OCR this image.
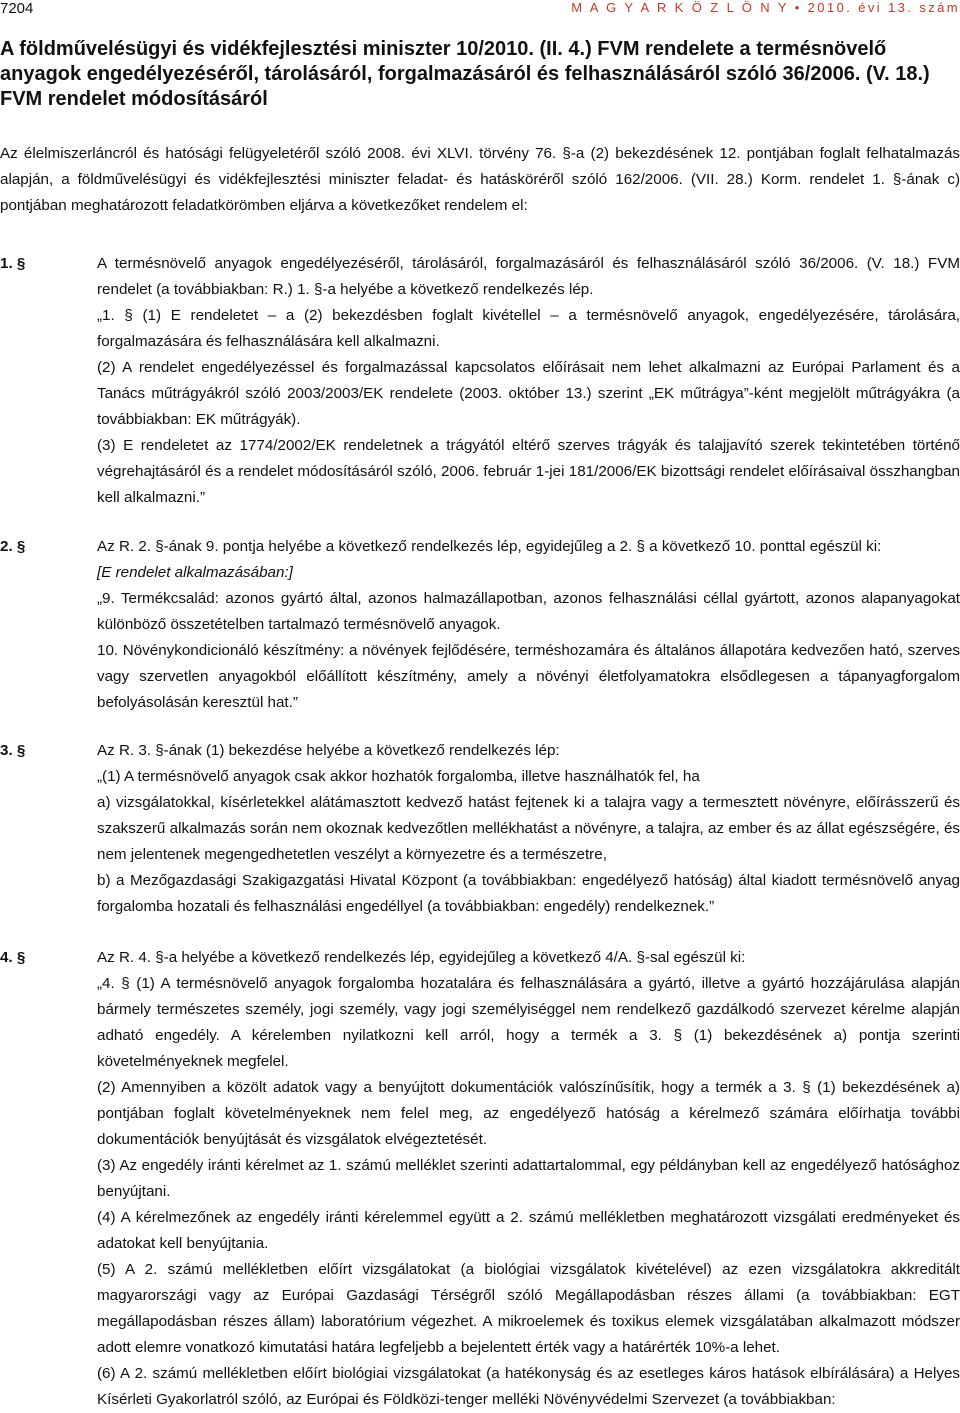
7204	M A G Y A R K Ö Z L Ö N Y • 2010. évi 13. szám
A földművelésügyi és vidékfejlesztési miniszter 10/2010. (II. 4.) FVM rendelete a termésnövelő anyagok engedélyezéséről, tárolásáról, forgalmazásáról és felhasználásáról szóló 36/2006. (V. 18.) FVM rendelet módosításáról
Az élelmiszerláncról és hatósági felügyeletéről szóló 2008. évi XLVI. törvény 76. §-a (2) bekezdésének 12. pontjában foglalt felhatalmazás alapján, a földművelésügyi és vidékfejlesztési miniszter feladat- és hatásköréről szóló 162/2006. (VII. 28.) Korm. rendelet 1. §-ának c) pontjában meghatározott feladatkörömben eljárva a következőket rendelem el:
1. §	A termésnövelő anyagok engedélyezéséről, tárolásáról, forgalmazásáról és felhasználásáról szóló 36/2006. (V. 18.) FVM rendelet (a továbbiakban: R.) 1. §-a helyébe a következő rendelkezés lép.

„1. § (1) E rendeletet – a (2) bekezdésben foglalt kivétellel – a termésnövelő anyagok, engedélyezésére, tárolására, forgalmazására és felhasználására kell alkalmazni.

(2) A rendelet engedélyezéssel és forgalmazással kapcsolatos előírásait nem lehet alkalmazni az Európai Parlament és a Tanács műtrágyákról szóló 2003/2003/EK rendelete (2003. október 13.) szerint „EK műtrágya”-ként megjelölt műtrágyákra (a továbbiakban: EK műtrágyák).

(3) E rendeletet az 1774/2002/EK rendeletnek a trágyától eltérő szerves trágyák és talajjavító szerek tekintetében történő végrehajtásáról és a rendelet módosításáról szóló, 2006. február 1-jei 181/2006/EK bizottsági rendelet előírásaival összhangban kell alkalmazni.”

2. §	Az R. 2. §-ának 9. pontja helyébe a következő rendelkezés lép, egyidejűleg a 2. § a következő 10. ponttal egészül ki:

[E rendelet alkalmazásában:]

„9. Termékcsalád: azonos gyártó által, azonos halmazállapotban, azonos felhasználási céllal gyártott, azonos alapanyagokat különböző összetételben tartalmazó termésnövelő anyagok.

10. Növénykondicionáló készítmény: a növények fejlődésére, terméshozamára és általános állapotára kedvezően ható, szerves vagy szervetlen anyagokból előállított készítmény, amely a növényi életfolyamatokra elsődlegesen a tápanyagforgalom befolyásolásán keresztül hat.”

3. §	Az R. 3. §-ának (1) bekezdése helyébe a következő rendelkezés lép:

„(1) A termésnövelő anyagok csak akkor hozhatók forgalomba, illetve használhatók fel, ha

a) vizsgálatokkal, kísérletekkel alátámasztott kedvező hatást fejtenek ki a talajra vagy a termesztett növényre, előírásszerű és szakszerű alkalmazás során nem okoznak kedvezőtlen mellékhatást a növényre, a talajra, az ember és az állat egészségére, és nem jelentenek megengedhetetlen veszélyt a környezetre és a természetre,

b) a Mezőgazdasági Szakigazgatási Hivatal Központ (a továbbiakban: engedélyező hatóság) által kiadott termésnövelő anyag forgalomba hozatali és felhasználási engedéllyel (a továbbiakban: engedély) rendelkeznek.”

4. §	Az R. 4. §-a helyébe a következő rendelkezés lép, egyidejűleg a következő 4/A. §-sal egészül ki:

„4. § (1) A termésnövelő anyagok forgalomba hozatalára és felhasználására a gyártó, illetve a gyártó hozzájárulása alapján bármely természetes személy, jogi személy, vagy jogi személyiséggel nem rendelkező gazdálkodó szervezet kérelme alapján adható engedély. A kérelemben nyilatkozni kell arról, hogy a termék a 3. § (1) bekezdésének a) pontja szerinti követelményeknek megfelel.

(2) Amennyiben a közölt adatok vagy a benyújtott dokumentációk valószínűsítik, hogy a termék a 3. § (1) bekezdésének a) pontjában foglalt követelményeknek nem felel meg, az engedélyező hatóság a kérelmező számára előírhatja további dokumentációk benyújtását és vizsgálatok elvégeztetését.

(3) Az engedély iránti kérelmet az 1. számú melléklet szerinti adattartalommal, egy példányban kell az engedélyező hatósághoz benyújtani.

(4) A kérelmezőnek az engedély iránti kérelemmel együtt a 2. számú mellékletben meghatározott vizsgálati eredményeket és adatokat kell benyújtania.

(5) A 2. számú mellékletben előírt vizsgálatokat (a biológiai vizsgálatok kivételével) az ezen vizsgálatokra akkreditált magyarországi vagy az Európai Gazdasági Térségről szóló Megállapodásban részes állami (a továbbiakban: EGT megállapodásban részes állam) laboratórium végezhet. A mikroelemek és toxikus elemek vizsgálatában alkalmazott módszer adott elemre vonatkozó kimutatási határa legfeljebb a bejelentett érték vagy a határérték 10%-a lehet.

(6) A 2. számú mellékletben előírt biológiai vizsgálatokat (a hatékonyság és az esetleges káros hatások elbírálására) a Helyes Kísérleti Gyakorlatról szóló, az Európai és Földközi-tenger melléki Növényvédelmi Szervezet (a továbbiakban:
